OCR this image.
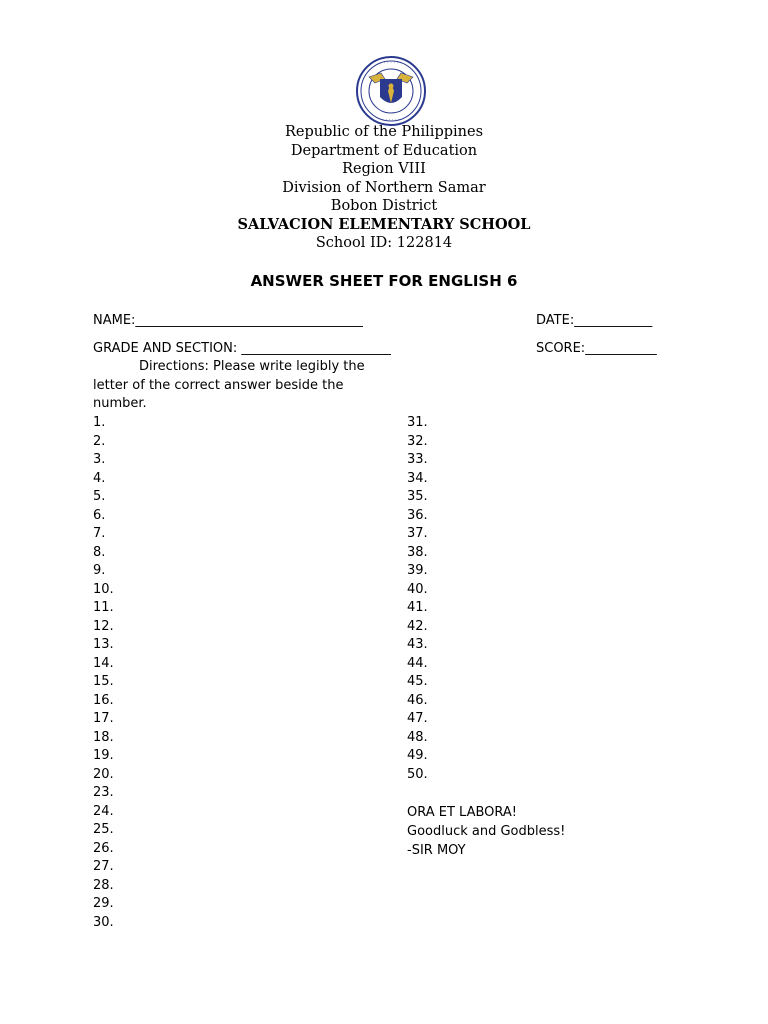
· · · · · · ·
· · · · · ·
Republic of the Philippines
Department of Education
Region VIII
Division of Northern Samar
Bobon District
SALVACION ELEMENTARY SCHOOL
School ID: 122814
ANSWER SHEET FOR ENGLISH 6
NAME:___________________________________	DATE:____________
GRADE AND SECTION: _______________________	SCORE:___________
Directions: Please write legibly the letter of the correct answer beside the number.
1.
2.
3.
4.
5.
6.
7.
8.
9.
10.
11.
12.
13.
14.
15.
16.
17.
18.
19.
20.
23.
24.
25.
26.
27.
28.
29.
30.
31.
32.
33.
34.
35.
36.
37.
38.
39.
40.
41.
42.
43.
44.
45.
46.
47.
48.
49.
50.
ORA ET LABORA!
Goodluck and Godbless!
-SIR MOY
